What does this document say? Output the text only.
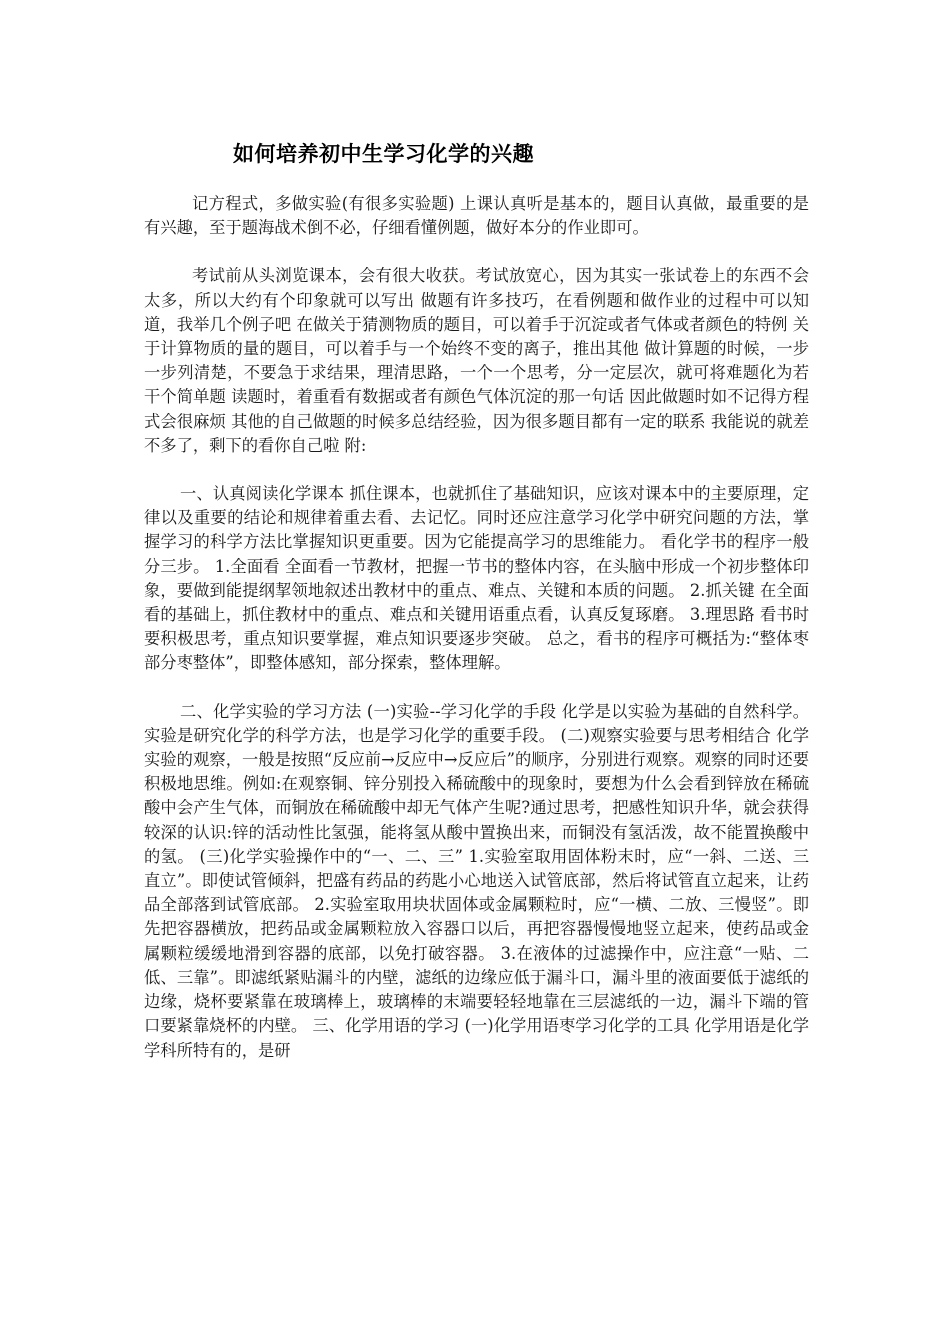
如何培养初中生学习化学的兴趣

记方程式，多做实验(有很多实验题) 上课认真听是基本的，题目认真做，最重要的是有兴趣，至于题海战术倒不必，仔细看懂例题，做好本分的作业即可。

考试前从头浏览课本，会有很大收获。考试放宽心，因为其实一张试卷上的东西不会太多，所以大约有个印象就可以写出 做题有许多技巧，在看例题和做作业的过程中可以知道，我举几个例子吧 在做关于猜测物质的题目，可以着手于沉淀或者气体或者颜色的特例 关于计算物质的量的题目，可以着手与一个始终不变的离子，推出其他 做计算题的时候，一步一步列清楚，不要急于求结果，理清思路，一个一个思考，分一定层次，就可将难题化为若干个简单题 读题时，着重看有数据或者有颜色气体沉淀的那一句话 因此做题时如不记得方程式会很麻烦 其他的自己做题的时候多总结经验，因为很多题目都有一定的联系 我能说的就差不多了，剩下的看你自己啦 附:

一、认真阅读化学课本 抓住课本，也就抓住了基础知识，应该对课本中的主要原理，定律以及重要的结论和规律着重去看、去记忆。同时还应注意学习化学中研究问题的方法，掌握学习的科学方法比掌握知识更重要。因为它能提高学习的思维能力。 看化学书的程序一般分三步。 1.全面看 全面看一节教材，把握一节书的整体内容，在头脑中形成一个初步整体印象，要做到能提纲挈领地叙述出教材中的重点、难点、关键和本质的问题。 2.抓关键 在全面看的基础上，抓住教材中的重点、难点和关键用语重点看，认真反复琢磨。 3.理思路 看书时要积极思考，重点知识要掌握，难点知识要逐步突破。 总之，看书的程序可概括为:“整体枣部分枣整体”，即整体感知，部分探索，整体理解。

二、化学实验的学习方法 (一)实验--学习化学的手段 化学是以实验为基础的自然科学。实验是研究化学的科学方法，也是学习化学的重要手段。 (二)观察实验要与思考相结合 化学实验的观察，一般是按照“反应前→反应中→反应后”的顺序，分别进行观察。观察的同时还要积极地思维。例如:在观察铜、锌分别投入稀硫酸中的现象时，要想为什么会看到锌放在稀硫酸中会产生气体，而铜放在稀硫酸中却无气体产生呢?通过思考，把感性知识升华，就会获得较深的认识:锌的活动性比氢强，能将氢从酸中置换出来，而铜没有氢活泼，故不能置换酸中的氢。 (三)化学实验操作中的“一、二、三” 1.实验室取用固体粉末时，应“一斜、二送、三直立”。即使试管倾斜，把盛有药品的药匙小心地送入试管底部，然后将试管直立起来，让药品全部落到试管底部。 2.实验室取用块状固体或金属颗粒时，应“一横、二放、三慢竖”。即先把容器横放，把药品或金属颗粒放入容器口以后，再把容器慢慢地竖立起来，使药品或金属颗粒缓缓地滑到容器的底部，以免打破容器。 3.在液体的过滤操作中，应注意“一贴、二低、三靠”。即滤纸紧贴漏斗的内壁，滤纸的边缘应低于漏斗口，漏斗里的液面要低于滤纸的边缘，烧杯要紧靠在玻璃棒上，玻璃棒的末端要轻轻地靠在三层滤纸的一边，漏斗下端的管口要紧靠烧杯的内壁。 三、化学用语的学习 (一)化学用语枣学习化学的工具 化学用语是化学学科所特有的，是研
